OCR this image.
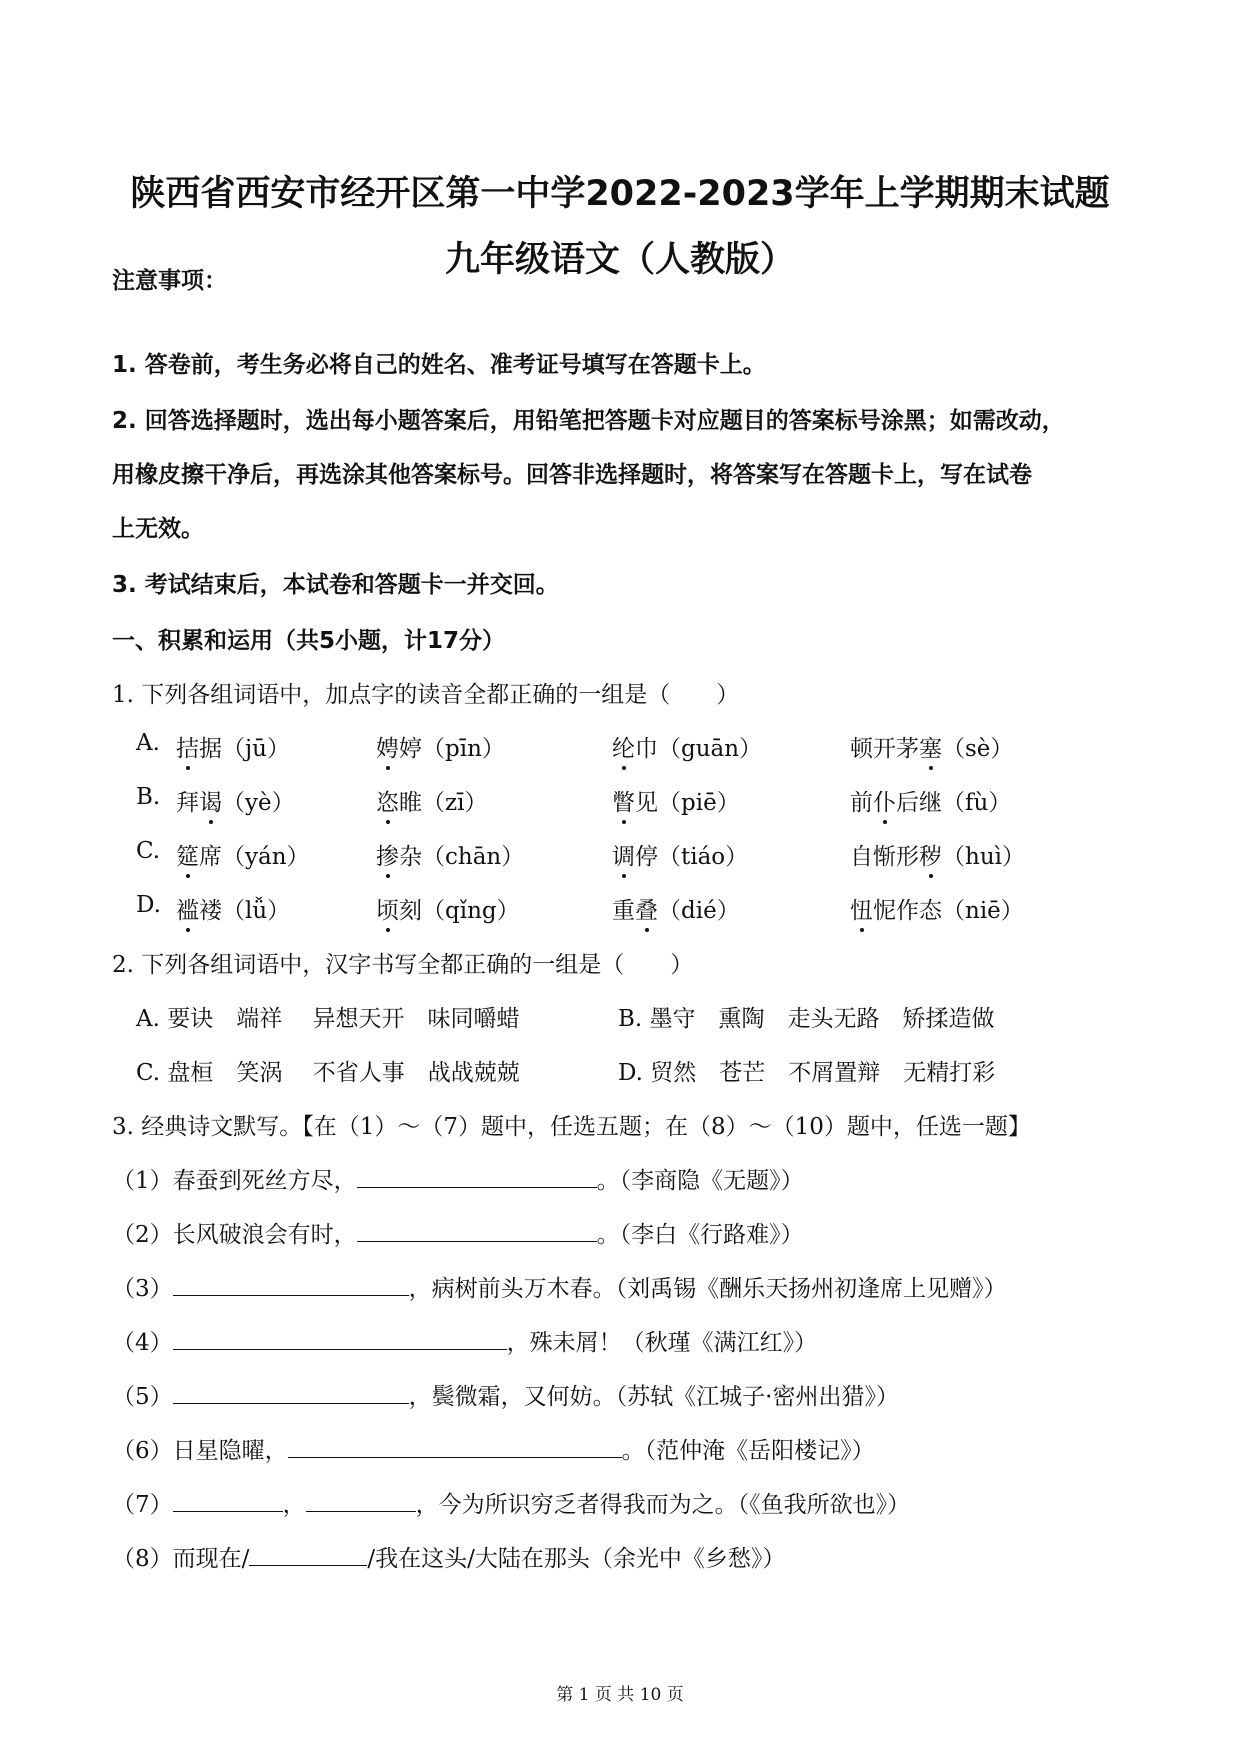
陕西省西安市经开区第一中学2022-2023学年上学期期末试题
九年级语文（人教版）
注意事项：
1. 答卷前，考生务必将自己的姓名、准考证号填写在答题卡上。
2. 回答选择题时，选出每小题答案后，用铅笔把答题卡对应题目的答案标号涂黑；如需改动，
用橡皮擦干净后，再选涂其他答案标号。回答非选择题时，将答案写在答题卡上，写在试卷
上无效。
3. 考试结束后，本试卷和答题卡一并交回。
一、积累和运用（共5小题，计17分）
1. 下列各组词语中，加点字的读音全都正确的一组是（　　）
A. 拮据（jū）	娉婷（pīn）	纶巾（guān）	顿开茅塞（sè）
B. 拜谒（yè）	恣睢（zī）	瞥见（piē）	前仆后继（fù）
C. 筵席（yán）	掺杂（chān）	调停（tiáo）	自惭形秽（huì）
D. 褴褛（lǚ）	顷刻（qǐng）	重叠（dié）	忸怩作态（niē）
2. 下列各组词语中，汉字书写全都正确的一组是（　　）
A. 要诀　端祥　 异想天开　味同嚼蜡	B. 墨守　熏陶　走头无路　矫揉造做
C. 盘桓　笑涡　 不省人事　战战兢兢	D. 贸然　苍芒　不屑置辩　无精打彩
3. 经典诗文默写。【在（1）～（7）题中，任选五题；在（8）～（10）题中，任选一题】
（1）春蚕到死丝方尽，	。（李商隐《无题》）
（2）长风破浪会有时，	。（李白《行路难》）
（3）	，病树前头万木春。（刘禹锡《酬乐天扬州初逢席上见赠》）
（4）	，殊未屑！（秋瑾《满江红》）
（5）	，鬓微霜，又何妨。（苏轼《江城子·密州出猎》）
（6）日星隐曜，	。（范仲淹《岳阳楼记》）
（7）	，	，今为所识穷乏者得我而为之。（《鱼我所欲也》）
（8）而现在/	/我在这头/大陆在那头（余光中《乡愁》）
第 1 页 共 10 页
